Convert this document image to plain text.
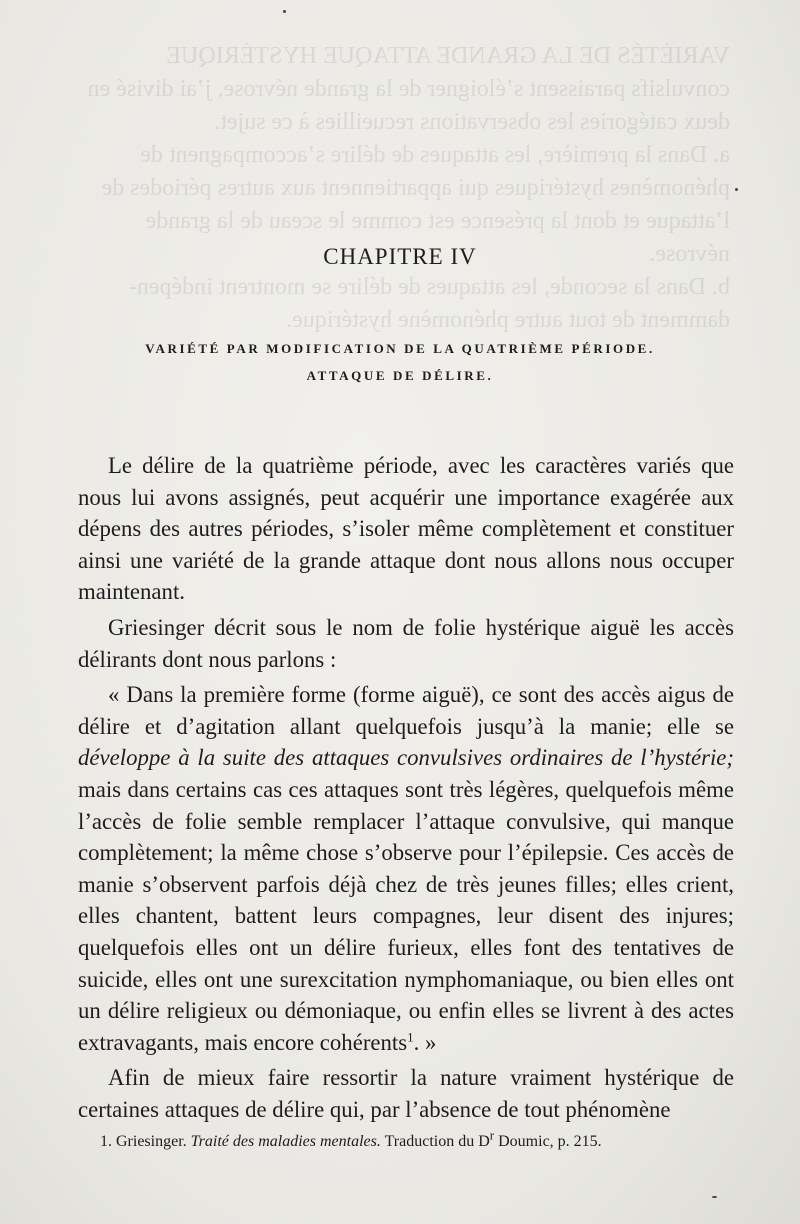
VARIÉTÉS DE LA GRANDE ATTAQUE HYSTÉRIQUE
convulsifs paraissent s’éloigner de la grande névrose, j’ai divisé en
deux catégories les observations recueillies à ce sujet.
a. Dans la première, les attaques de délire s’accompagnent de
phénomènes hystériques qui appartiennent aux autres périodes de
l’attaque et dont la présence est comme le sceau de la grande
névrose.
b. Dans la seconde, les attaques de délire se montrent indépen-
damment de tout autre phénomène hystérique.
CHAPITRE IV
VARIÉTÉ PAR MODIFICATION DE LA QUATRIÈME PÉRIODE.
ATTAQUE DE DÉLIRE.

Le délire de la quatrième période, avec les caractères variés que nous lui avons assignés, peut acquérir une importance exagérée aux dépens des autres périodes, s’isoler même complètement et constituer ainsi une variété de la grande attaque dont nous allons nous occuper maintenant.

Griesinger décrit sous le nom de folie hystérique aiguë les accès délirants dont nous parlons :

« Dans la première forme (forme aiguë), ce sont des accès aigus de délire et d’agitation allant quelquefois jusqu’à la manie; elle se développe à la suite des attaques convulsives ordinaires de l’hystérie; mais dans certains cas ces attaques sont très légères, quelquefois même l’accès de folie semble remplacer l’attaque convulsive, qui manque complètement; la même chose s’observe pour l’épilepsie. Ces accès de manie s’observent parfois déjà chez de très jeunes filles; elles crient, elles chantent, battent leurs compagnes, leur disent des injures; quelquefois elles ont un délire furieux, elles font des tentatives de suicide, elles ont une surexcitation nymphomaniaque, ou bien elles ont un délire religieux ou démoniaque, ou enfin elles se livrent à des actes extravagants, mais encore cohérents$^1$. »

Afin de mieux faire ressortir la nature vraiment hystérique de certaines attaques de délire qui, par l’absence de tout phénomène

1. Griesinger. Traité des maladies mentales. Traduction du $D^r$ Doumic, p. 215.
